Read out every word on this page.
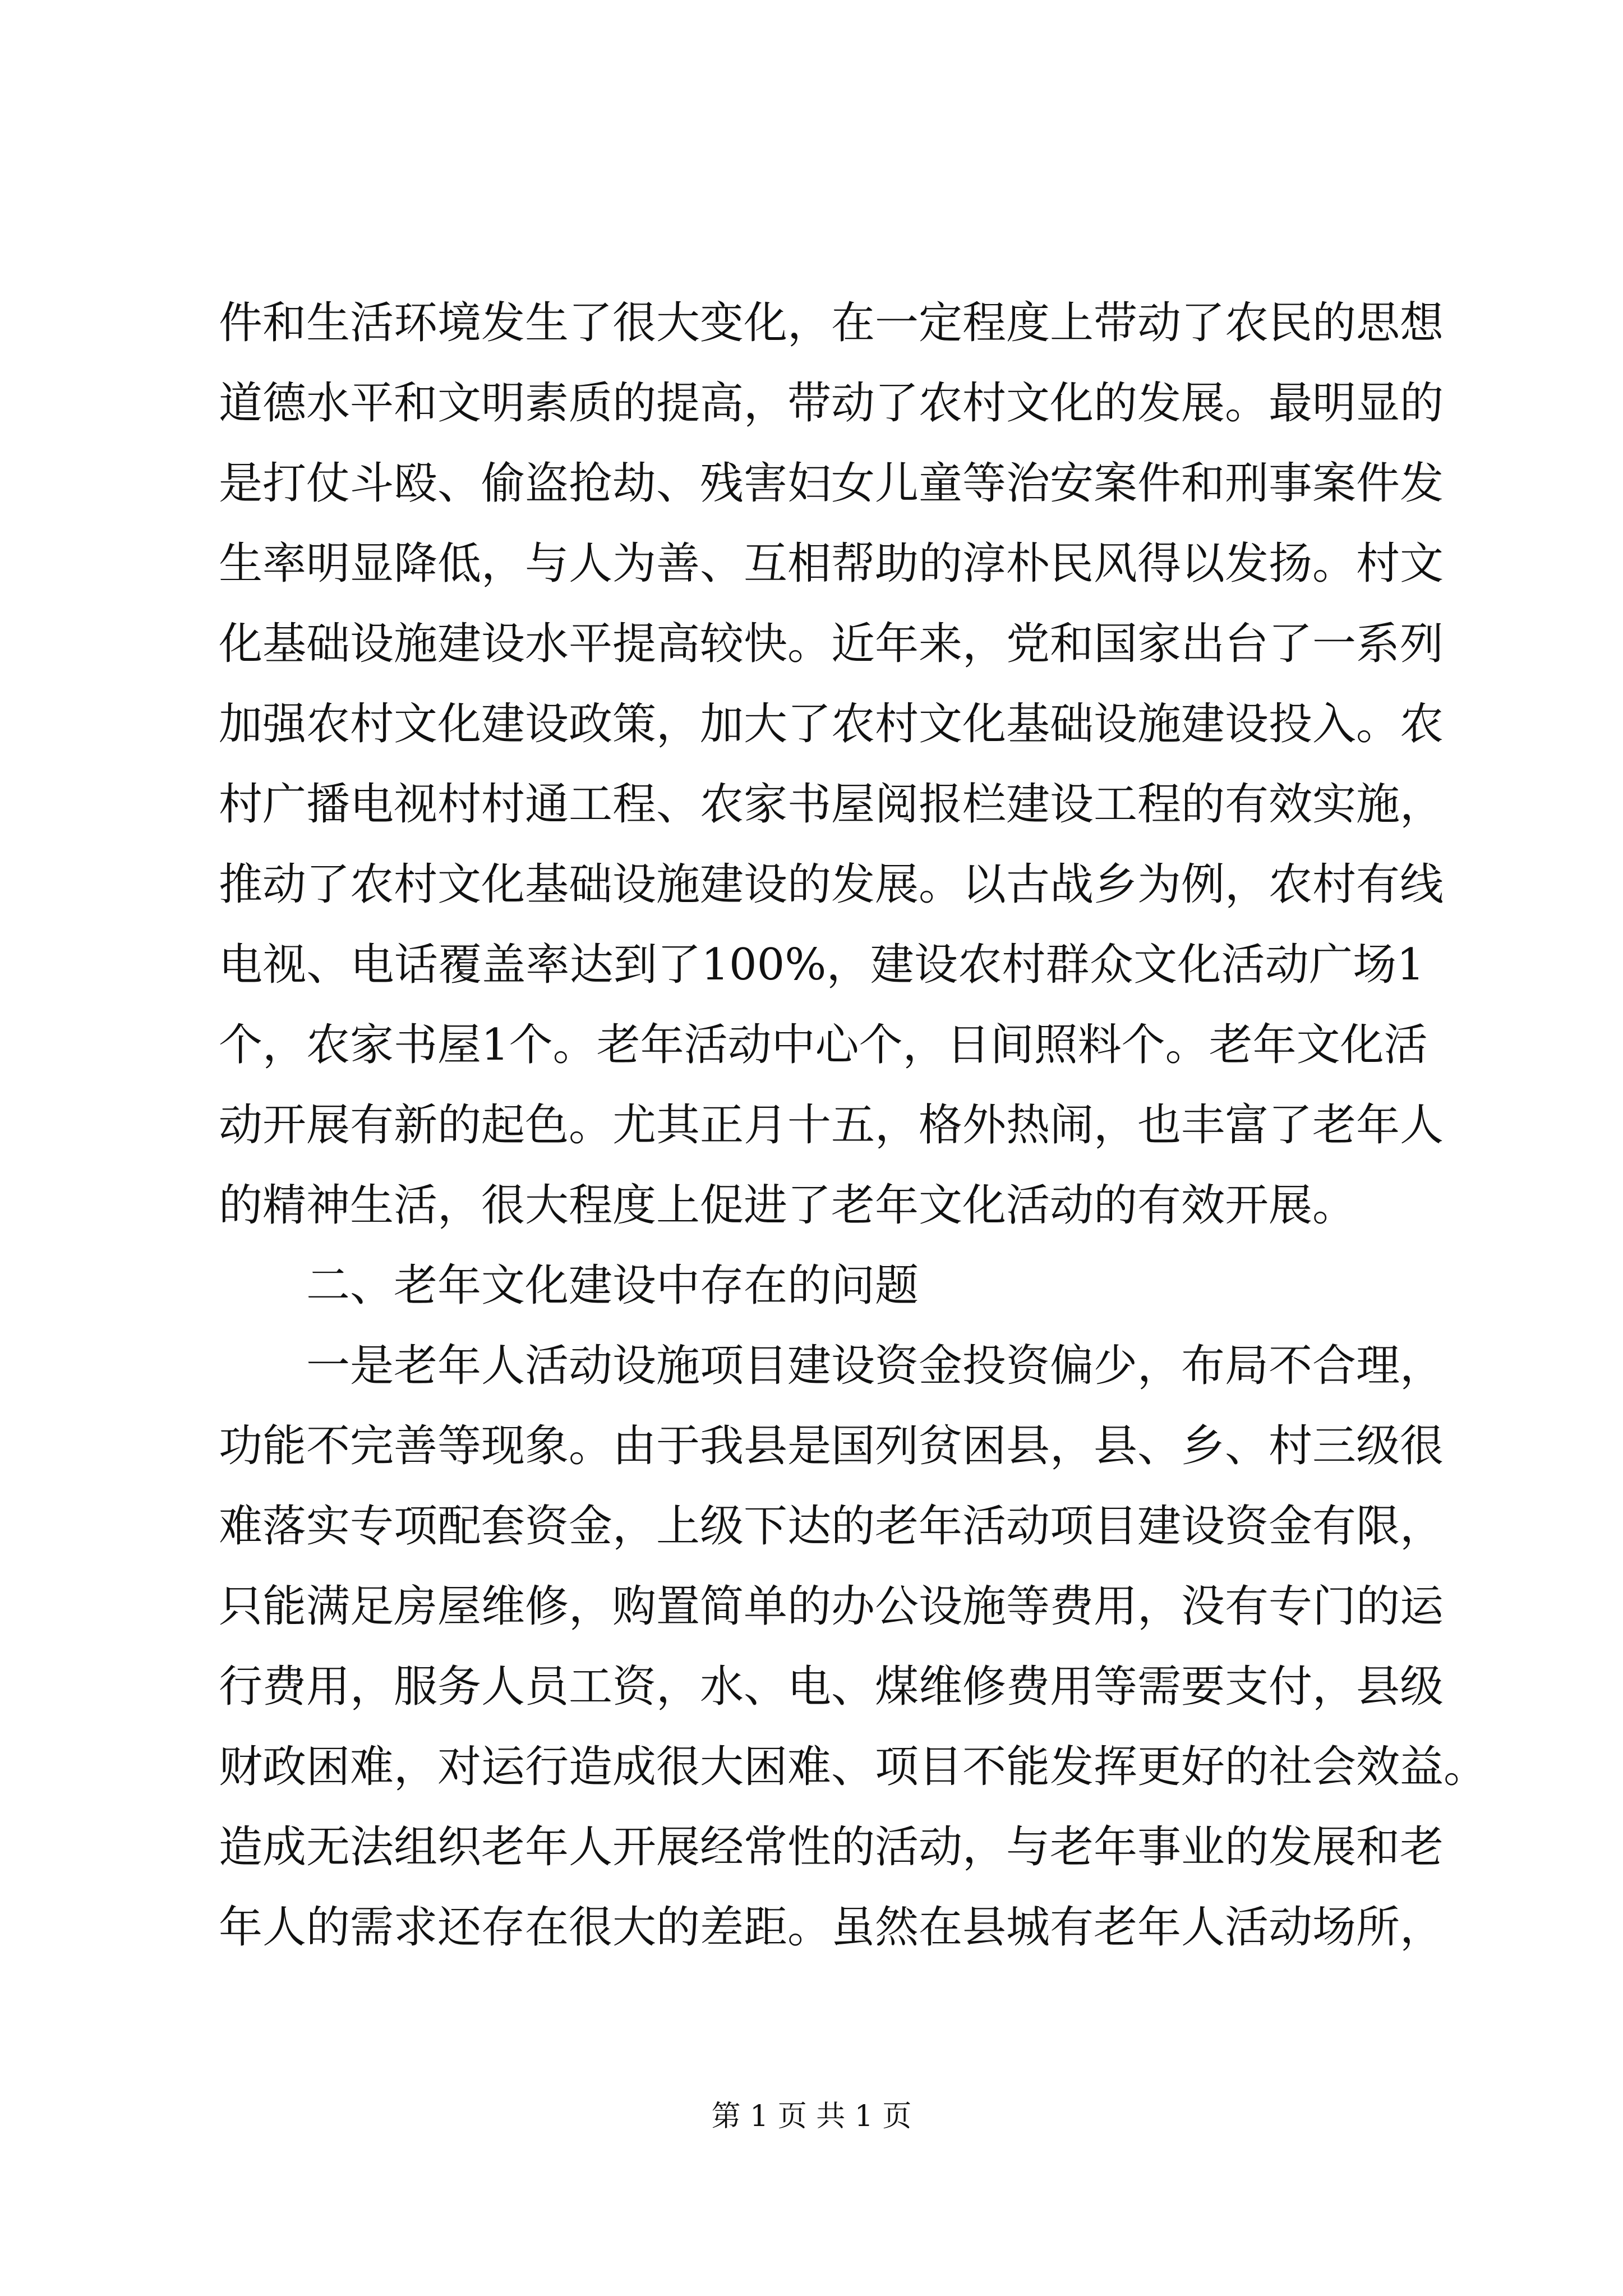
件和生活环境发生了很大变化，在一定程度上带动了农民的思想
道德水平和文明素质的提高，带动了农村文化的发展。最明显的
是打仗斗殴、偷盗抢劫、残害妇女儿童等治安案件和刑事案件发
生率明显降低，与人为善、互相帮助的淳朴民风得以发扬。村文
化基础设施建设水平提高较快。近年来，党和国家出台了一系列
加强农村文化建设政策，加大了农村文化基础设施建设投入。农
村广播电视村村通工程、农家书屋阅报栏建设工程的有效实施，
推动了农村文化基础设施建设的发展。以古战乡为例，农村有线
电视、电话覆盖率达到了100%，建设农村群众文化活动广场1
个，农家书屋1个。老年活动中心个，日间照料个。老年文化活
动开展有新的起色。尤其正月十五，格外热闹，也丰富了老年人
的精神生活，很大程度上促进了老年文化活动的有效开展。
二、老年文化建设中存在的问题
一是老年人活动设施项目建设资金投资偏少，布局不合理，
功能不完善等现象。由于我县是国列贫困县，县、乡、村三级很
难落实专项配套资金，上级下达的老年活动项目建设资金有限，
只能满足房屋维修，购置简单的办公设施等费用，没有专门的运
行费用，服务人员工资，水、电、煤维修费用等需要支付，县级
财政困难，对运行造成很大困难、项目不能发挥更好的社会效益。
造成无法组织老年人开展经常性的活动，与老年事业的发展和老
年人的需求还存在很大的差距。虽然在县城有老年人活动场所，
第 1 页 共 1 页
